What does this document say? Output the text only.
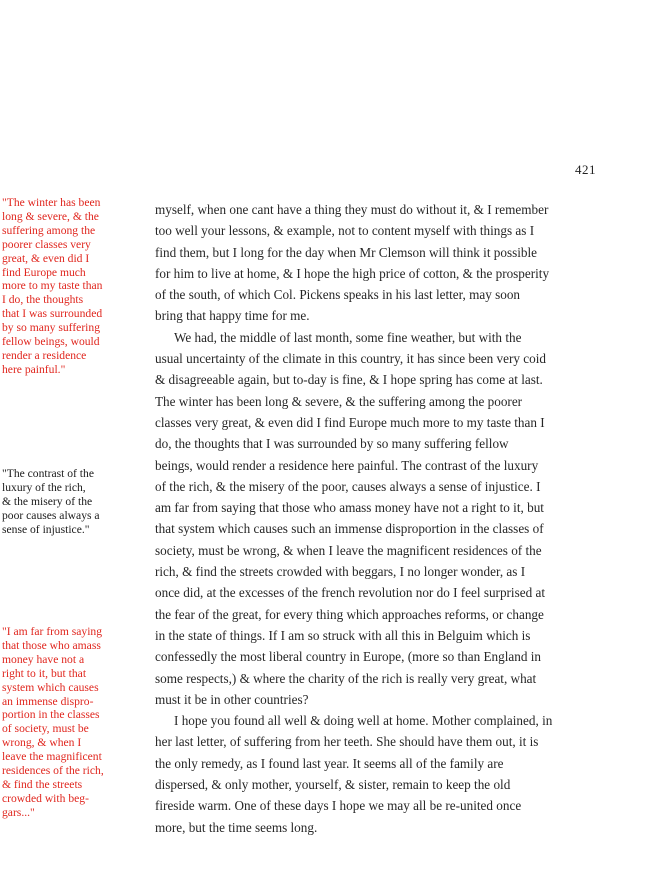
421

"The winter has been
long & severe, & the
suffering among the
poorer classes very
great, & even did I
find Europe much
more to my taste than
I do, the thoughts
that I was surrounded
by so many suffering
fellow beings, would
render a residence
here painful."

"The contrast of the
luxury of the rich,
& the misery of the
poor causes always a
sense of injustice."

"I am far from saying
that those who amass
money have not a
right to it, but that
system which causes
an immense dispro-
portion in the classes
of society, must be
wrong, & when I
leave the magnificent
residences of the rich,
& find the streets
crowded with beg-
gars..."

myself, when one cant have a thing they must do without it, & I remember
too well your lessons, & example, not to content myself with things as I
find them, but I long for the day when Mr Clemson will think it possible
for him to live at home, & I hope the high price of cotton, & the prosperity
of the south, of which Col. Pickens speaks in his last letter, may soon
bring that happy time for me.

We had, the middle of last month, some fine weather, but with the
usual uncertainty of the climate in this country, it has since been very coid
& disagreeable again, but to-day is fine, & I hope spring has come at last.
The winter has been long & severe, & the suffering among the poorer
classes very great, & even did I find Europe much more to my taste than I
do, the thoughts that I was surrounded by so many suffering fellow
beings, would render a residence here painful. The contrast of the luxury
of the rich, & the misery of the poor, causes always a sense of injustice. I
am far from saying that those who amass money have not a right to it, but
that system which causes such an immense disproportion in the classes of
society, must be wrong, & when I leave the magnificent residences of the
rich, & find the streets crowded with beggars, I no longer wonder, as I
once did, at the excesses of the french revolution nor do I feel surprised at
the fear of the great, for every thing which approaches reforms, or change
in the state of things. If I am so struck with all this in Belguim which is
confessedly the most liberal country in Europe, (more so than England in
some respects,) & where the charity of the rich is really very great, what
must it be in other countries?

I hope you found all well & doing well at home. Mother complained, in
her last letter, of suffering from her teeth. She should have them out, it is
the only remedy, as I found last year. It seems all of the family are
dispersed, & only mother, yourself, & sister, remain to keep the old
fireside warm. One of these days I hope we may all be re-united once
more, but the time seems long.
